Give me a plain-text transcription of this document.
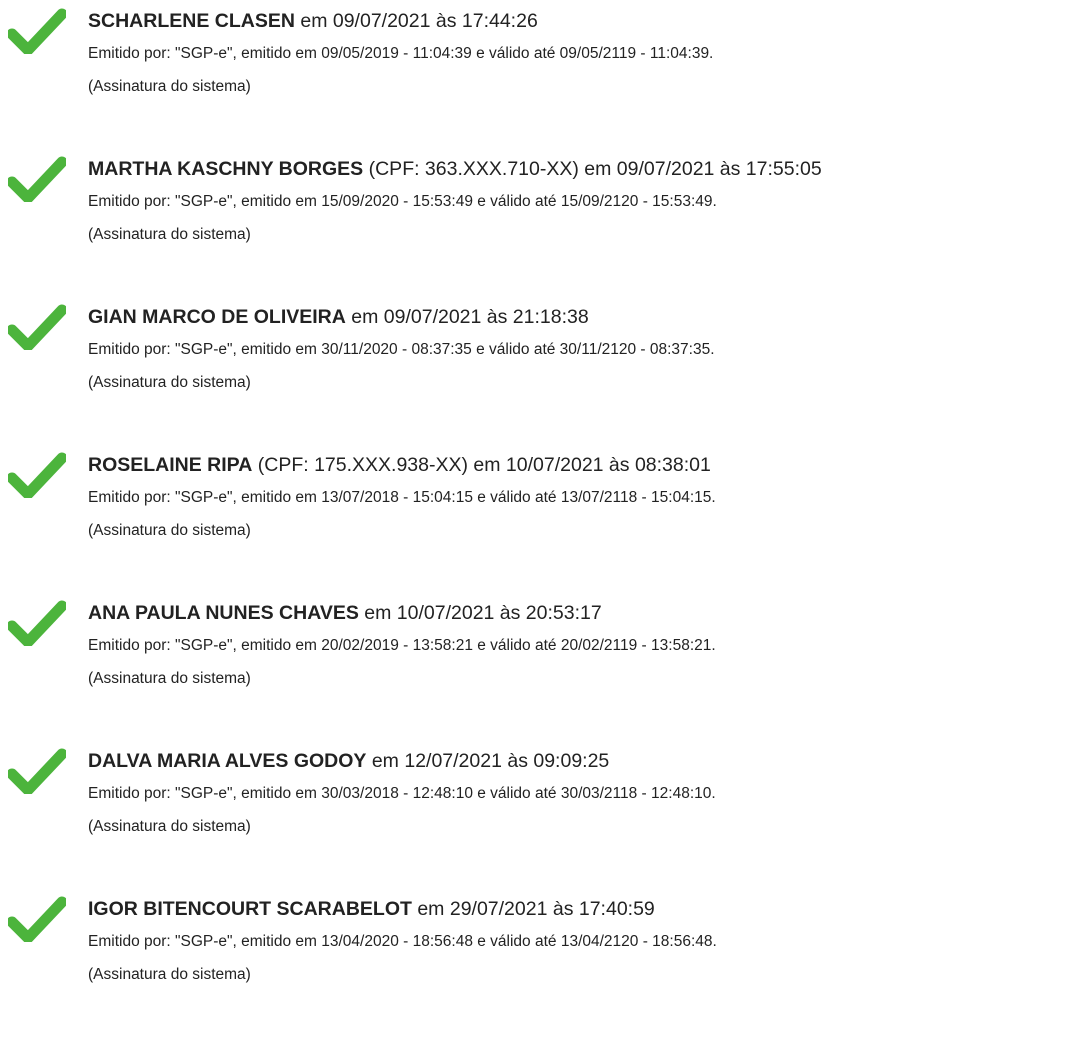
SCHARLENE CLASEN em 09/07/2021 às 17:44:26
Emitido por: "SGP-e", emitido em 09/05/2019 - 11:04:39 e válido até 09/05/2119 - 11:04:39.
(Assinatura do sistema)
MARTHA KASCHNY BORGES (CPF: 363.XXX.710-XX) em 09/07/2021 às 17:55:05
Emitido por: "SGP-e", emitido em 15/09/2020 - 15:53:49 e válido até 15/09/2120 - 15:53:49.
(Assinatura do sistema)
GIAN MARCO DE OLIVEIRA em 09/07/2021 às 21:18:38
Emitido por: "SGP-e", emitido em 30/11/2020 - 08:37:35 e válido até 30/11/2120 - 08:37:35.
(Assinatura do sistema)
ROSELAINE RIPA (CPF: 175.XXX.938-XX) em 10/07/2021 às 08:38:01
Emitido por: "SGP-e", emitido em 13/07/2018 - 15:04:15 e válido até 13/07/2118 - 15:04:15.
(Assinatura do sistema)
ANA PAULA NUNES CHAVES em 10/07/2021 às 20:53:17
Emitido por: "SGP-e", emitido em 20/02/2019 - 13:58:21 e válido até 20/02/2119 - 13:58:21.
(Assinatura do sistema)
DALVA MARIA ALVES GODOY em 12/07/2021 às 09:09:25
Emitido por: "SGP-e", emitido em 30/03/2018 - 12:48:10 e válido até 30/03/2118 - 12:48:10.
(Assinatura do sistema)
IGOR BITENCOURT SCARABELOT em 29/07/2021 às 17:40:59
Emitido por: "SGP-e", emitido em 13/04/2020 - 18:56:48 e válido até 13/04/2120 - 18:56:48.
(Assinatura do sistema)
